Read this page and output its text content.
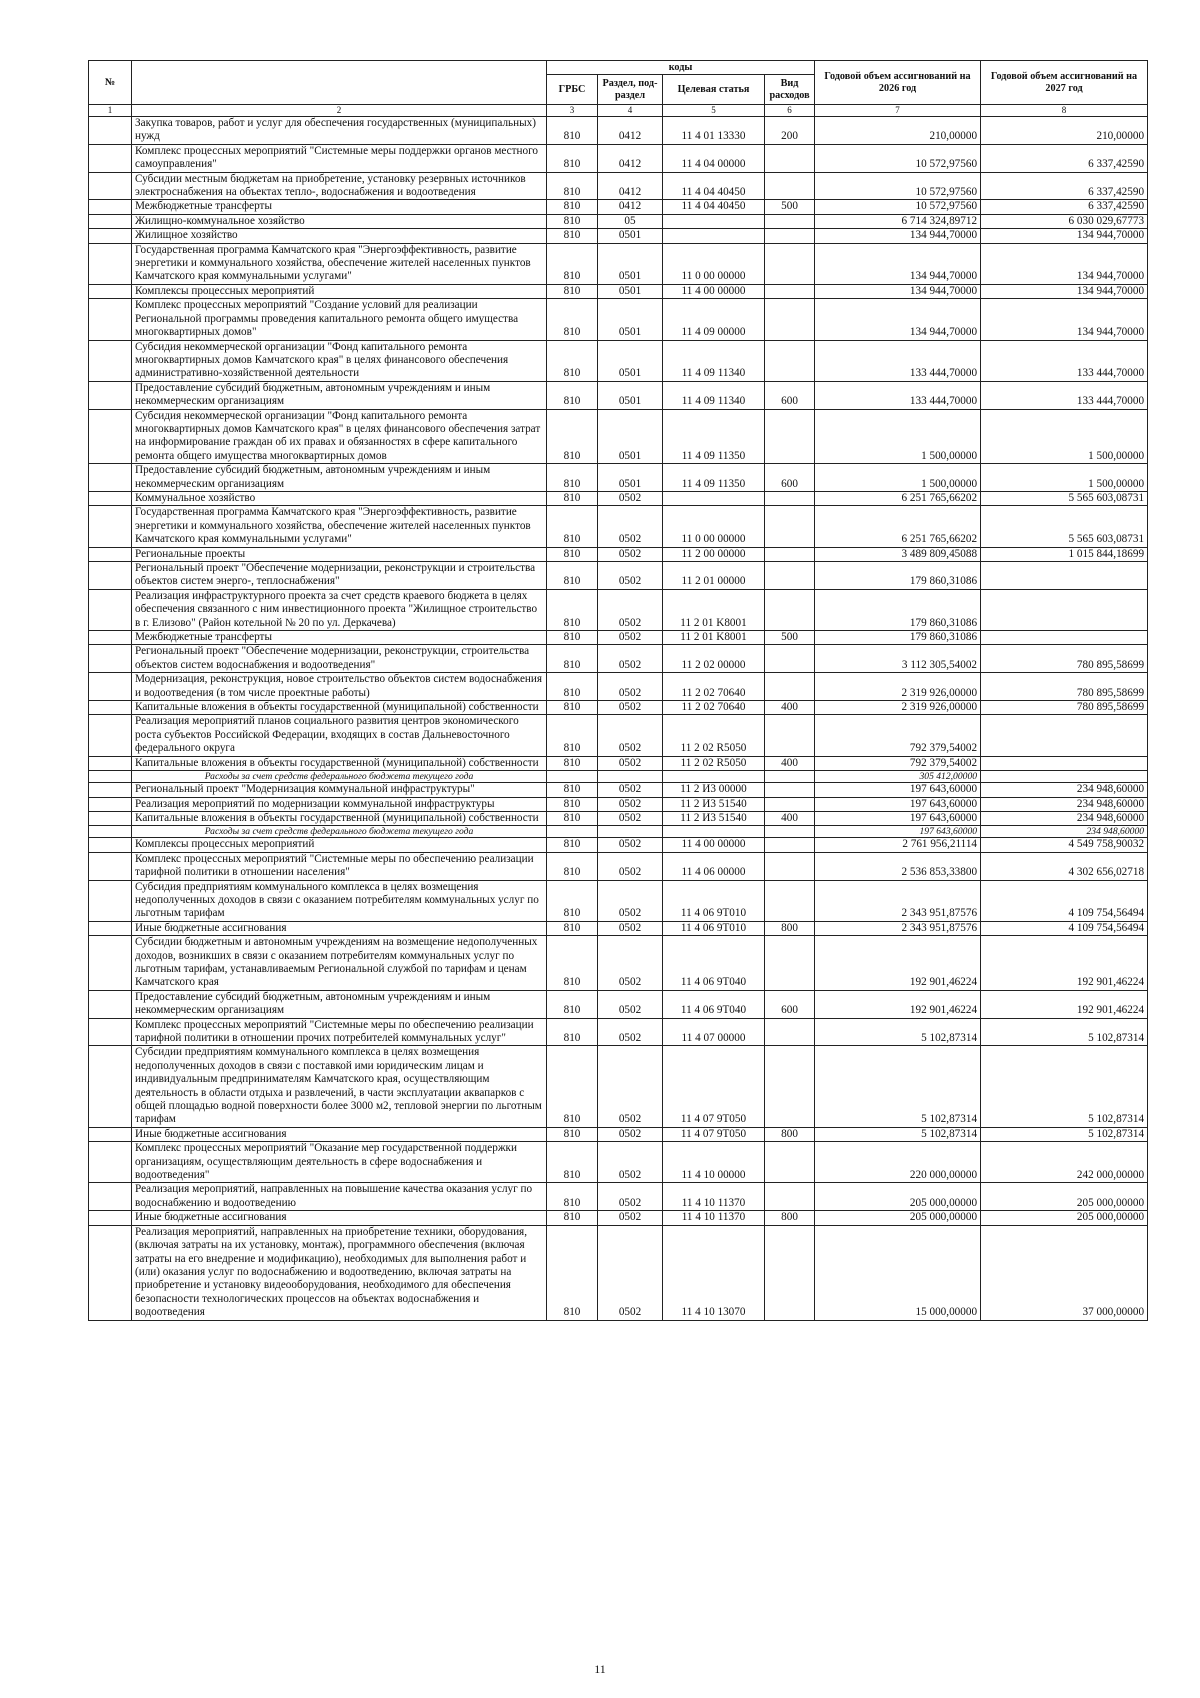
№		коды				Годовой объем ассигнований на 2026 год	Годовой объем ассигнований на 2027 год
		ГРБС	Раздел, под-раздел	Целевая статья	Вид расходов		
1	2	3	4	5	6	7	8
	Закупка товаров, работ и услуг для обеспечения государственных (муниципальных) нужд	810	0412	11 4 01 13330	200	210,00000	210,00000
	Комплекс процессных мероприятий "Системные меры поддержки органов местного самоуправления"	810	0412	11 4 04 00000		10 572,97560	6 337,42590
	Субсидии местным бюджетам на приобретение, установку резервных источников электроснабжения на объектах тепло-, водоснабжения и водоотведения	810	0412	11 4 04 40450		10 572,97560	6 337,42590
	Межбюджетные трансферты	810	0412	11 4 04 40450	500	10 572,97560	6 337,42590
	Жилищно-коммунальное хозяйство	810	05			6 714 324,89712	6 030 029,67773
	Жилищное хозяйство	810	0501			134 944,70000	134 944,70000
	Государственная программа Камчатского края "Энергоэффективность, развитие энергетики и коммунального хозяйства, обеспечение жителей населенных пунктов Камчатского края коммунальными услугами"	810	0501	11 0 00 00000		134 944,70000	134 944,70000
	Комплексы процессных мероприятий	810	0501	11 4 00 00000		134 944,70000	134 944,70000
	Комплекс процессных мероприятий "Создание условий для реализации Региональной программы проведения капитального ремонта общего имущества многоквартирных домов"	810	0501	11 4 09 00000		134 944,70000	134 944,70000
	Субсидия некоммерческой организации "Фонд капитального ремонта многоквартирных домов Камчатского края" в целях финансового обеспечения административно-хозяйственной деятельности	810	0501	11 4 09 11340		133 444,70000	133 444,70000
	Предоставление субсидий бюджетным, автономным учреждениям и иным некоммерческим организациям	810	0501	11 4 09 11340	600	133 444,70000	133 444,70000
	Субсидия некоммерческой организации "Фонд капитального ремонта многоквартирных домов Камчатского края" в целях финансового обеспечения затрат на информирование граждан об их правах и обязанностях в сфере капитального ремонта общего имущества многоквартирных домов	810	0501	11 4 09 11350		1 500,00000	1 500,00000
	Предоставление субсидий бюджетным, автономным учреждениям и иным некоммерческим организациям	810	0501	11 4 09 11350	600	1 500,00000	1 500,00000
	Коммунальное хозяйство	810	0502			6 251 765,66202	5 565 603,08731
	Государственная программа Камчатского края "Энергоэффективность, развитие энергетики и коммунального хозяйства, обеспечение жителей населенных пунктов Камчатского края коммунальными услугами"	810	0502	11 0 00 00000		6 251 765,66202	5 565 603,08731
	Региональные проекты	810	0502	11 2 00 00000		3 489 809,45088	1 015 844,18699
	Региональный проект "Обеспечение модернизации, реконструкции и строительства объектов систем энерго-, теплоснабжения"	810	0502	11 2 01 00000		179 860,31086	
	Реализация инфраструктурного проекта за счет средств краевого бюджета в целях обеспечения связанного с ним инвестиционного проекта "Жилищное строительство в г. Елизово" (Район котельной № 20 по ул. Деркачева)	810	0502	11 2 01 K8001		179 860,31086	
	Межбюджетные трансферты	810	0502	11 2 01 K8001	500	179 860,31086	
	Региональный проект "Обеспечение модернизации, реконструкции, строительства объектов систем водоснабжения и водоотведения"	810	0502	11 2 02 00000		3 112 305,54002	780 895,58699
	Модернизация, реконструкция, новое строительство объектов систем водоснабжения и водоотведения (в том числе проектные работы)	810	0502	11 2 02 70640		2 319 926,00000	780 895,58699
	Капитальные вложения в объекты государственной (муниципальной) собственности	810	0502	11 2 02 70640	400	2 319 926,00000	780 895,58699
	Реализация мероприятий планов социального развития центров экономического роста субъектов Российской Федерации, входящих в состав Дальневосточного федерального округа	810	0502	11 2 02 R5050		792 379,54002	
	Капитальные вложения в объекты государственной (муниципальной) собственности	810	0502	11 2 02 R5050	400	792 379,54002	
	Расходы за счет средств федерального бюджета текущего года					305 412,00000	
	Региональный проект "Модернизация коммунальной инфраструктуры"	810	0502	11 2 И3 00000		197 643,60000	234 948,60000
	Реализация мероприятий по модернизации коммунальной инфраструктуры	810	0502	11 2 И3 51540		197 643,60000	234 948,60000
	Капитальные вложения в объекты государственной (муниципальной) собственности	810	0502	11 2 И3 51540	400	197 643,60000	234 948,60000
	Расходы за счет средств федерального бюджета текущего года					197 643,60000	234 948,60000
	Комплексы процессных мероприятий	810	0502	11 4 00 00000		2 761 956,21114	4 549 758,90032
	Комплекс процессных мероприятий "Системные меры по обеспечению реализации тарифной политики в отношении населения"	810	0502	11 4 06 00000		2 536 853,33800	4 302 656,02718
	Субсидия предприятиям коммунального комплекса в целях возмещения недополученных доходов в связи с оказанием потребителям коммунальных услуг по льготным тарифам	810	0502	11 4 06 9Т010		2 343 951,87576	4 109 754,56494
	Иные бюджетные ассигнования	810	0502	11 4 06 9Т010	800	2 343 951,87576	4 109 754,56494
	Субсидии бюджетным и автономным учреждениям на возмещение недополученных доходов, возникших в связи с оказанием потребителям коммунальных услуг по льготным тарифам, устанавливаемым Региональной службой по тарифам и ценам Камчатского края	810	0502	11 4 06 9Т040		192 901,46224	192 901,46224
	Предоставление субсидий бюджетным, автономным учреждениям и иным некоммерческим организациям	810	0502	11 4 06 9Т040	600	192 901,46224	192 901,46224
	Комплекс процессных мероприятий "Системные меры по обеспечению реализации тарифной политики в отношении прочих потребителей коммунальных услуг"	810	0502	11 4 07 00000		5 102,87314	5 102,87314
	Субсидии предприятиям коммунального комплекса в целях возмещения недополученных доходов в связи с поставкой ими юридическим лицам и индивидуальным предпринимателям Камчатского края, осуществляющим деятельность в области отдыха и развлечений, в части эксплуатации аквапарков с общей площадью водной поверхности более 3000 м2, тепловой энергии по льготным тарифам	810	0502	11 4 07 9Т050		5 102,87314	5 102,87314
	Иные бюджетные ассигнования	810	0502	11 4 07 9Т050	800	5 102,87314	5 102,87314
	Комплекс процессных мероприятий "Оказание мер государственной поддержки организациям, осуществляющим деятельность в сфере водоснабжения и водоотведения"	810	0502	11 4 10 00000		220 000,00000	242 000,00000
	Реализация мероприятий, направленных на повышение качества оказания услуг по водоснабжению и водоотведению	810	0502	11 4 10 11370		205 000,00000	205 000,00000
	Иные бюджетные ассигнования	810	0502	11 4 10 11370	800	205 000,00000	205 000,00000
	Реализация мероприятий, направленных на приобретение техники, оборудования, (включая затраты на их установку, монтаж), программного обеспечения (включая затраты на его внедрение и модификацию), необходимых для выполнения работ и (или) оказания услуг по водоснабжению и водоотведению, включая затраты на приобретение и установку видеооборудования, необходимого для обеспечения безопасности технологических процессов на объектах водоснабжения и водоотведения	810	0502	11 4 10 13070		15 000,00000	37 000,00000
11
